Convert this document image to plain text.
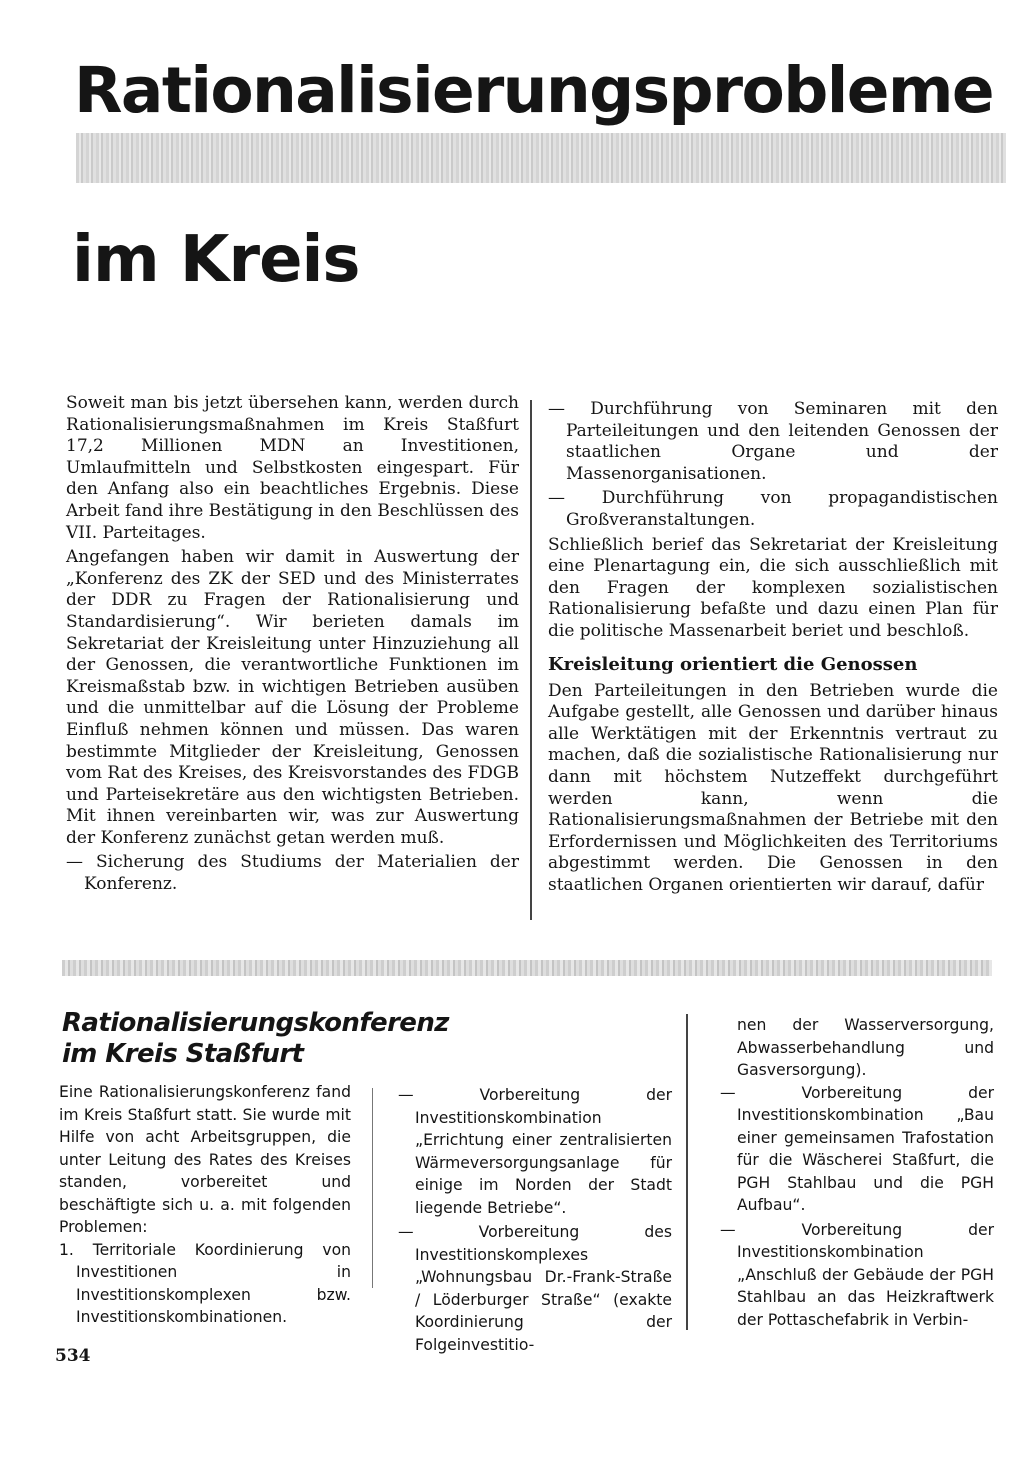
Rationalisierungsprobleme
im Kreis

Soweit man bis jetzt übersehen kann, werden durch Rationalisierungsmaßnahmen im Kreis Staßfurt 17,2 Millionen MDN an Investitionen, Umlaufmitteln und Selbstkosten eingespart. Für den Anfang also ein beachtliches Ergebnis. Diese Arbeit fand ihre Bestätigung in den Beschlüssen des VII. Parteitages.

Angefangen haben wir damit in Auswertung der „Konferenz des ZK der SED und des Ministerrates der DDR zu Fragen der Rationalisierung und Standardisierung“. Wir berieten damals im Sekretariat der Kreisleitung unter Hinzuziehung all der Genossen, die verantwortliche Funktionen im Kreismaßstab bzw. in wichtigen Betrieben ausüben und die unmittelbar auf die Lösung der Probleme Einfluß nehmen können und müssen. Das waren bestimmte Mitglieder der Kreisleitung, Genossen vom Rat des Kreises, des Kreisvorstandes des FDGB und Parteisekretäre aus den wichtigsten Betrieben. Mit ihnen vereinbarten wir, was zur Auswertung der Konferenz zunächst getan werden muß.

— Sicherung des Studiums der Materialien der Konferenz.

— Durchführung von Seminaren mit den Parteileitungen und den leitenden Genossen der staatlichen Organe und der Massenorganisationen.

— Durchführung von propagandistischen Großveranstaltungen.

Schließlich berief das Sekretariat der Kreisleitung eine Plenartagung ein, die sich ausschließlich mit den Fragen der komplexen sozialistischen Rationalisierung befaßte und dazu einen Plan für die politische Massenarbeit beriet und beschloß.

Kreisleitung orientiert die Genossen

Den Parteileitungen in den Betrieben wurde die Aufgabe gestellt, alle Genossen und darüber hinaus alle Werktätigen mit der Erkenntnis vertraut zu machen, daß die sozialistische Rationalisierung nur dann mit höchstem Nutzeffekt durchgeführt werden kann, wenn die Rationalisierungsmaßnahmen der Betriebe mit den Erfordernissen und Möglichkeiten des Territoriums abgestimmt werden. Die Genossen in den staatlichen Organen orientierten wir darauf, dafür

Rationalisierungskonferenz
im Kreis Staßfurt

Eine Rationalisierungskonferenz fand im Kreis Staßfurt statt. Sie wurde mit Hilfe von acht Arbeitsgruppen, die unter Leitung des Rates des Kreises standen, vorbereitet und beschäftigte sich u. a. mit folgenden Problemen:

1. Territoriale Koordinierung von Investitionen in Investitionskomplexen bzw. Investitionskombinationen.

— Vorbereitung der Investitionskombination „Errichtung einer zentralisierten Wärmeversorgungsanlage für einige im Norden der Stadt liegende Betriebe“.

— Vorbereitung des Investitionskomplexes „Wohnungsbau Dr.-Frank-Straße / Löderburger Straße“ (exakte Koordinierung der Folgeinvestitio-

nen der Wasserversorgung, Abwasserbehandlung und Gasversorgung).

— Vorbereitung der Investitionskombination „Bau einer gemeinsamen Trafostation für die Wäscherei Staßfurt, die PGH Stahlbau und die PGH Aufbau“.

— Vorbereitung der Investitionskombination „Anschluß der Gebäude der PGH Stahlbau an das Heizkraftwerk der Pottaschefabrik in Verbin-

534
